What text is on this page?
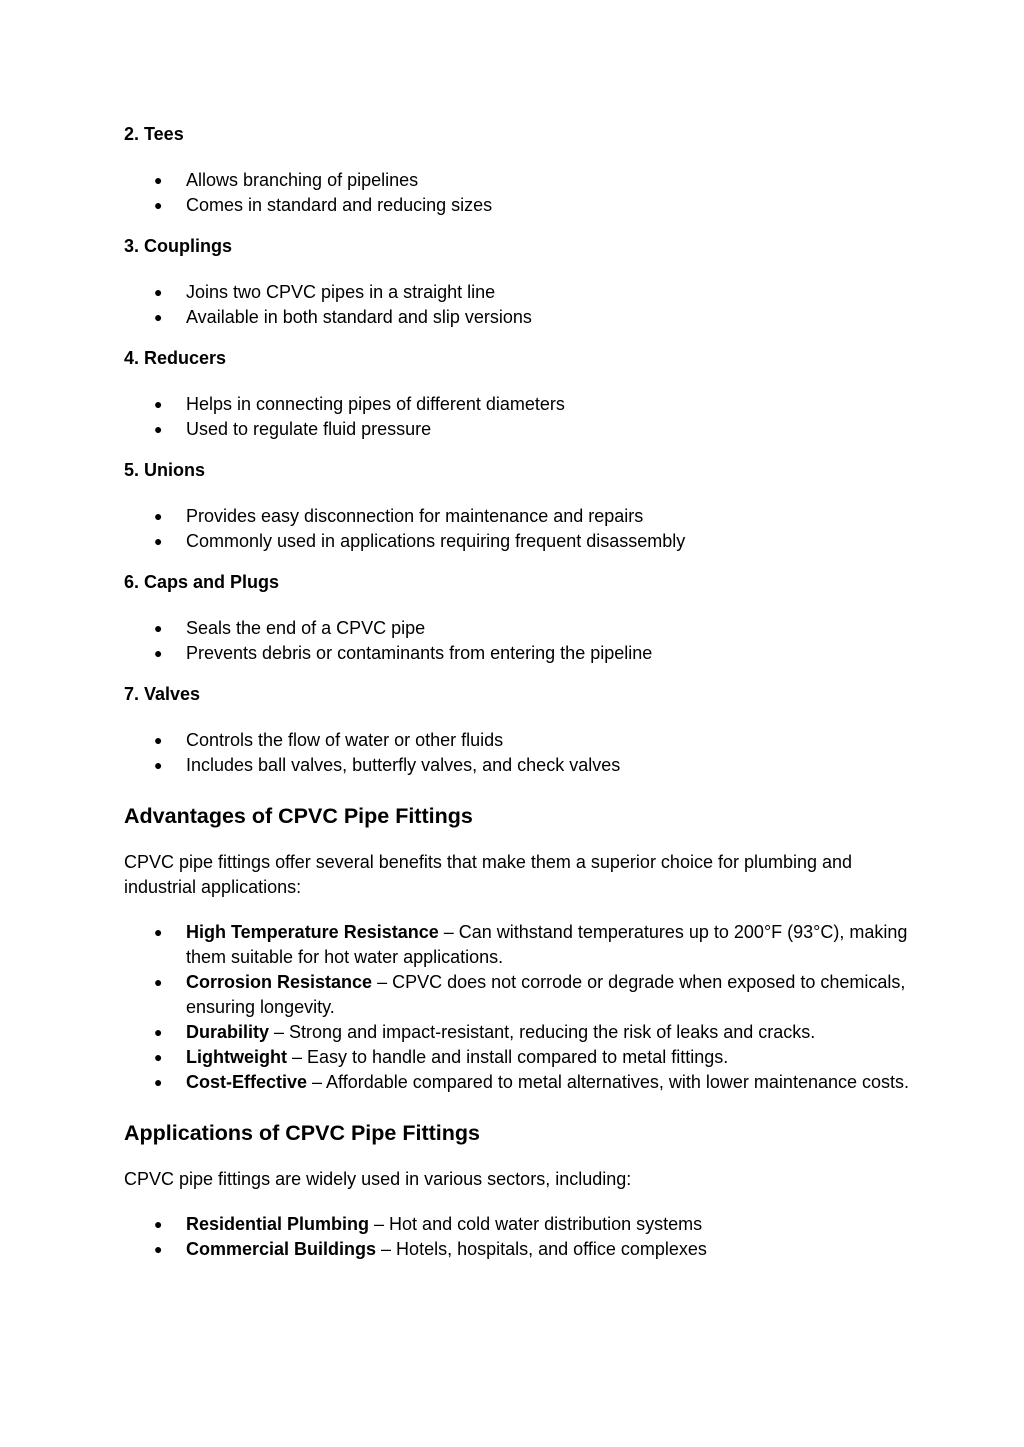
2. Tees
● Allows branching of pipelines
● Comes in standard and reducing sizes
3. Couplings
● Joins two CPVC pipes in a straight line
● Available in both standard and slip versions
4. Reducers
● Helps in connecting pipes of different diameters
● Used to regulate fluid pressure
5. Unions
● Provides easy disconnection for maintenance and repairs
● Commonly used in applications requiring frequent disassembly
6. Caps and Plugs
● Seals the end of a CPVC pipe
● Prevents debris or contaminants from entering the pipeline
7. Valves
● Controls the flow of water or other fluids
● Includes ball valves, butterfly valves, and check valves
Advantages of CPVC Pipe Fittings

CPVC pipe fittings offer several benefits that make them a superior choice for plumbing and industrial applications:

● High Temperature Resistance – Can withstand temperatures up to 200°F (93°C), making them suitable for hot water applications.
● Corrosion Resistance – CPVC does not corrode or degrade when exposed to chemicals, ensuring longevity.
● Durability – Strong and impact-resistant, reducing the risk of leaks and cracks.
● Lightweight – Easy to handle and install compared to metal fittings.
● Cost-Effective – Affordable compared to metal alternatives, with lower maintenance costs.
Applications of CPVC Pipe Fittings

CPVC pipe fittings are widely used in various sectors, including:

● Residential Plumbing – Hot and cold water distribution systems
● Commercial Buildings – Hotels, hospitals, and office complexes
